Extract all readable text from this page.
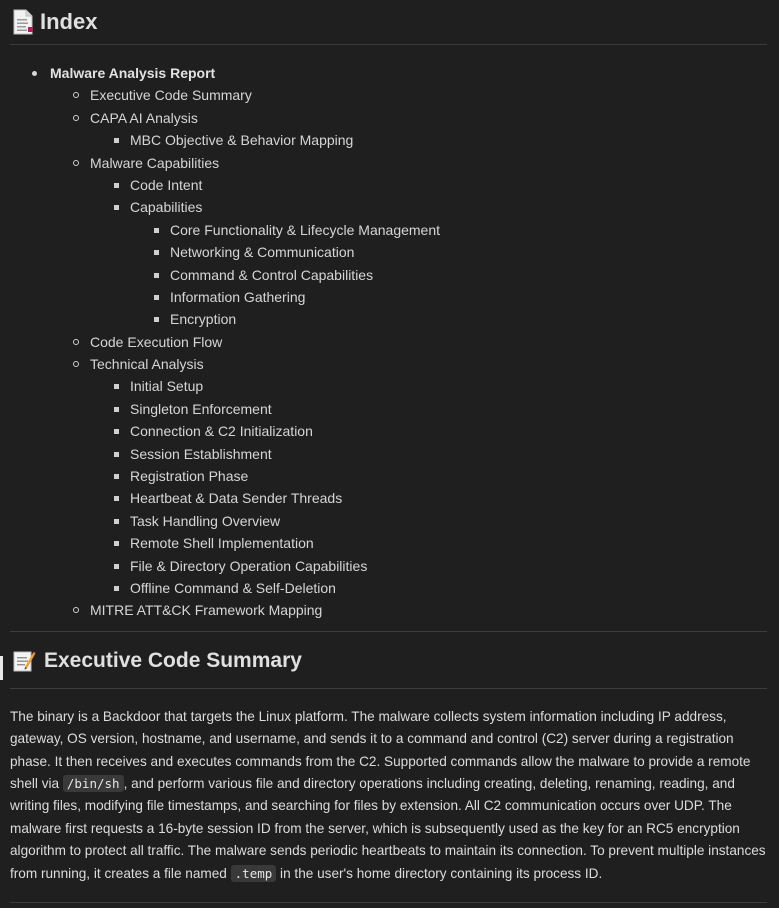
Index
Malware Analysis Report
Executive Code Summary
CAPA AI Analysis
MBC Objective & Behavior Mapping
Malware Capabilities
Code Intent
Capabilities
Core Functionality & Lifecycle Management
Networking & Communication
Command & Control Capabilities
Information Gathering
Encryption
Code Execution Flow
Technical Analysis
Initial Setup
Singleton Enforcement
Connection & C2 Initialization
Session Establishment
Registration Phase
Heartbeat & Data Sender Threads
Task Handling Overview
Remote Shell Implementation
File & Directory Operation Capabilities
Offline Command & Self-Deletion
MITRE ATT&CK Framework Mapping
Executive Code Summary
The binary is a Backdoor that targets the Linux platform. The malware collects system information including IP address, gateway, OS version, hostname, and username, and sends it to a command and control (C2) server during a registration phase. It then receives and executes commands from the C2. Supported commands allow the malware to provide a remote shell via /bin/sh , and perform various file and directory operations including creating, deleting, renaming, reading, and writing files, modifying file timestamps, and searching for files by extension. All C2 communication occurs over UDP. The malware first requests a 16-byte session ID from the server, which is subsequently used as the key for an RC5 encryption algorithm to protect all traffic. The malware sends periodic heartbeats to maintain its connection. To prevent multiple instances from running, it creates a file named .temp in the user's home directory containing its process ID.
